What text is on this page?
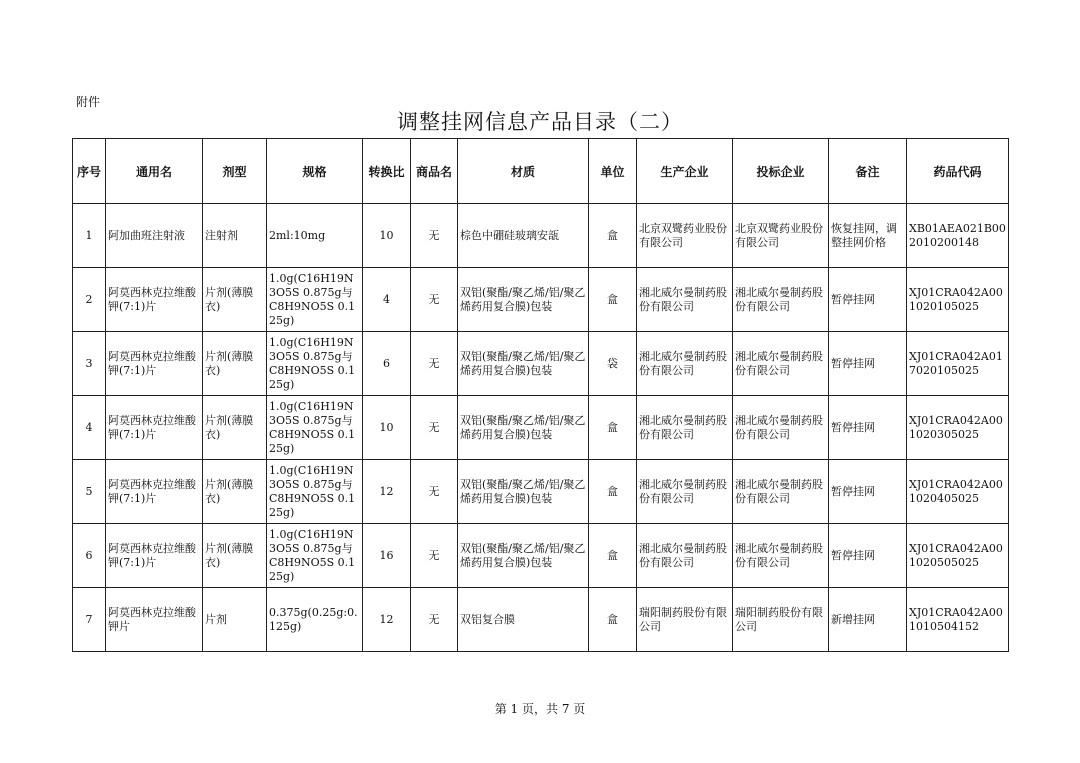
附件
调整挂网信息产品目录（二）
序号	通用名	剂型	规格	转换比	商品名	材质	单位	生产企业	投标企业	备注	药品代码
1	阿加曲班注射液	注射剂	2ml:10mg	10	无	棕色中硼硅玻璃安瓿	盒	北京双鹭药业股份有限公司	北京双鹭药业股份有限公司	恢复挂网，调整挂网价格	XB01AEA021B002010200148
2	阿莫西林克拉维酸钾(7:1)片	片剂(薄膜衣)	1.0g(C16H19N3O5S 0.875g与C8H9NO5S 0.125g)	4	无	双铝(聚酯/聚乙烯/铝/聚乙烯药用复合膜)包装	盒	湘北威尔曼制药股份有限公司	湘北威尔曼制药股份有限公司	暂停挂网	XJ01CRA042A001020105025
3	阿莫西林克拉维酸钾(7:1)片	片剂(薄膜衣)	1.0g(C16H19N3O5S 0.875g与C8H9NO5S 0.125g)	6	无	双铝(聚酯/聚乙烯/铝/聚乙烯药用复合膜)包装	袋	湘北威尔曼制药股份有限公司	湘北威尔曼制药股份有限公司	暂停挂网	XJ01CRA042A017020105025
4	阿莫西林克拉维酸钾(7:1)片	片剂(薄膜衣)	1.0g(C16H19N3O5S 0.875g与C8H9NO5S 0.125g)	10	无	双铝(聚酯/聚乙烯/铝/聚乙烯药用复合膜)包装	盒	湘北威尔曼制药股份有限公司	湘北威尔曼制药股份有限公司	暂停挂网	XJ01CRA042A001020305025
5	阿莫西林克拉维酸钾(7:1)片	片剂(薄膜衣)	1.0g(C16H19N3O5S 0.875g与C8H9NO5S 0.125g)	12	无	双铝(聚酯/聚乙烯/铝/聚乙烯药用复合膜)包装	盒	湘北威尔曼制药股份有限公司	湘北威尔曼制药股份有限公司	暂停挂网	XJ01CRA042A001020405025
6	阿莫西林克拉维酸钾(7:1)片	片剂(薄膜衣)	1.0g(C16H19N3O5S 0.875g与C8H9NO5S 0.125g)	16	无	双铝(聚酯/聚乙烯/铝/聚乙烯药用复合膜)包装	盒	湘北威尔曼制药股份有限公司	湘北威尔曼制药股份有限公司	暂停挂网	XJ01CRA042A001020505025
7	阿莫西林克拉维酸钾片	片剂	0.375g(0.25g:0.125g)	12	无	双铝复合膜	盒	瑞阳制药股份有限公司	瑞阳制药股份有限公司	新增挂网	XJ01CRA042A001010504152
第 1 页，共 7 页
